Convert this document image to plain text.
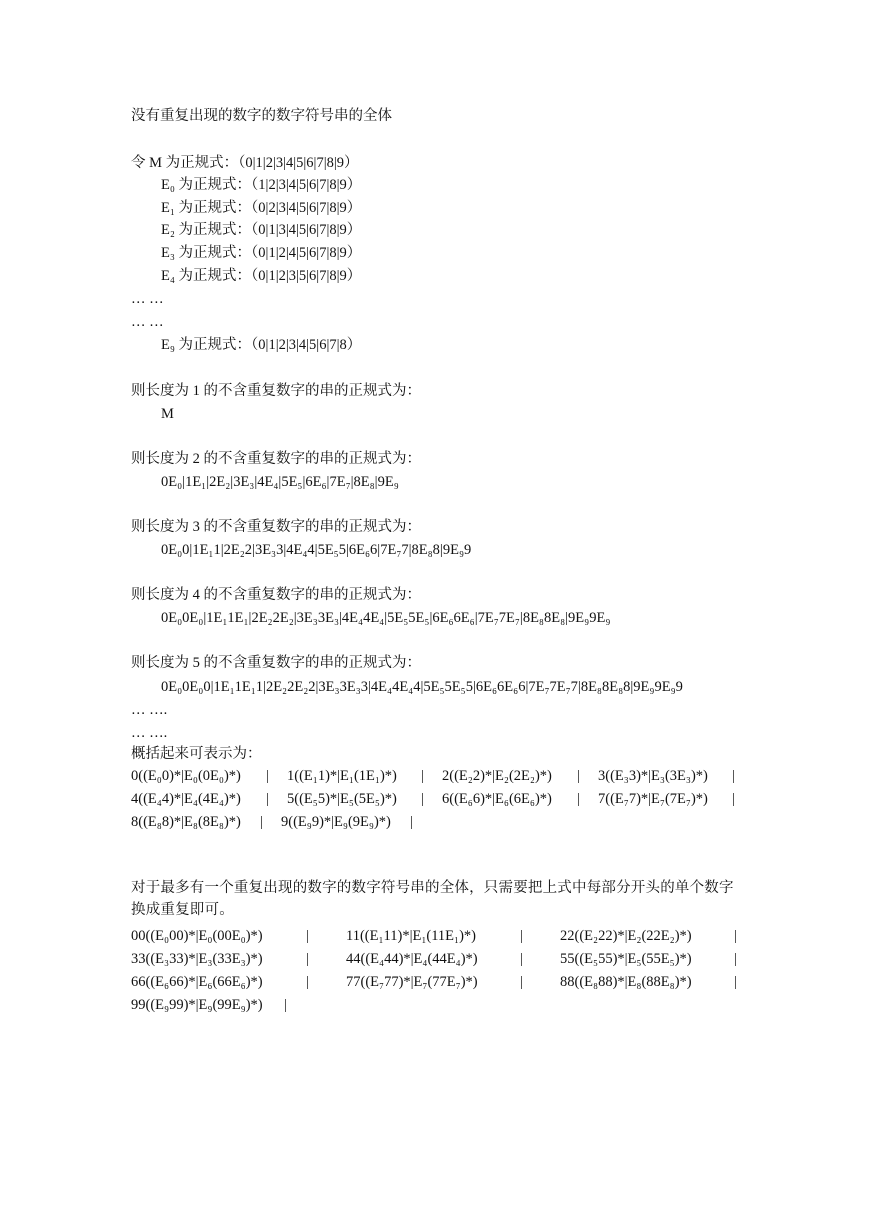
没有重复出现的数字的数字符号串的全体
令 M 为正规式：（0|1|2|3|4|5|6|7|8|9）
E₀ 为正规式：（1|2|3|4|5|6|7|8|9）
E₁ 为正规式：（0|2|3|4|5|6|7|8|9）
E₂ 为正规式：（0|1|3|4|5|6|7|8|9）
E₃ 为正规式：（0|1|2|4|5|6|7|8|9）
E₄ 为正规式：（0|1|2|3|5|6|7|8|9）
… …
… …
E₉ 为正规式：（0|1|2|3|4|5|6|7|8）
则长度为 1 的不含重复数字的串的正规式为：
M
则长度为 2 的不含重复数字的串的正规式为：
0E₀|1E₁|2E₂|3E₃|4E₄|5E₅|6E₆|7E₇|8E₈|9E₉
则长度为 3 的不含重复数字的串的正规式为：
0E₀0|1E₁1|2E₂2|3E₃3|4E₄4|5E₅5|6E₆6|7E₇7|8E₈8|9E₉9
则长度为 4 的不含重复数字的串的正规式为：
0E₀0E₀|1E₁1E₁|2E₂2E₂|3E₃3E₃|4E₄4E₄|5E₅5E₅|6E₆6E₆|7E₇7E₇|8E₈8E₈|9E₉9E₉
则长度为 5 的不含重复数字的串的正规式为：
0E₀0E₀0|1E₁1E₁1|2E₂2E₂2|3E₃3E₃3|4E₄4E₄4|5E₅5E₅5|6E₆6E₆6|7E₇7E₇7|8E₈8E₈8|9E₉9E₉9
… ….
… ….
概括起来可表示为：
0((E₀0)*|E₀(0E₀)*) | 1((E₁1)*|E₁(1E₁)*) | 2((E₂2)*|E₂(2E₂)*) | 3((E₃3)*|E₃(3E₃)*) |
4((E₄4)*|E₄(4E₄)*) | 5((E₅5)*|E₅(5E₅)*) | 6((E₆6)*|E₆(6E₆)*) | 7((E₇7)*|E₇(7E₇)*) |
8((E₈8)*|E₈(8E₈)*) | 9((E₉9)*|E₉(9E₉)*) |
对于最多有一个重复出现的数字的数字符号串的全体，只需要把上式中每部分开头的单个数字换成重复即可。
00((E₀00)*|E₀(00E₀)*)	|	11((E₁11)*|E₁(11E₁)*)	|	22((E₂22)*|E₂(22E₂)*)	|
33((E₃33)*|E₃(33E₃)*)	|	44((E₄44)*|E₄(44E₄)*)	|	55((E₅55)*|E₅(55E₅)*)	|
66((E₆66)*|E₆(66E₆)*)	|	77((E₇77)*|E₇(77E₇)*)	|	88((E₈88)*|E₈(88E₈)*)	|
99((E₉99)*|E₉(99E₉)*) |
